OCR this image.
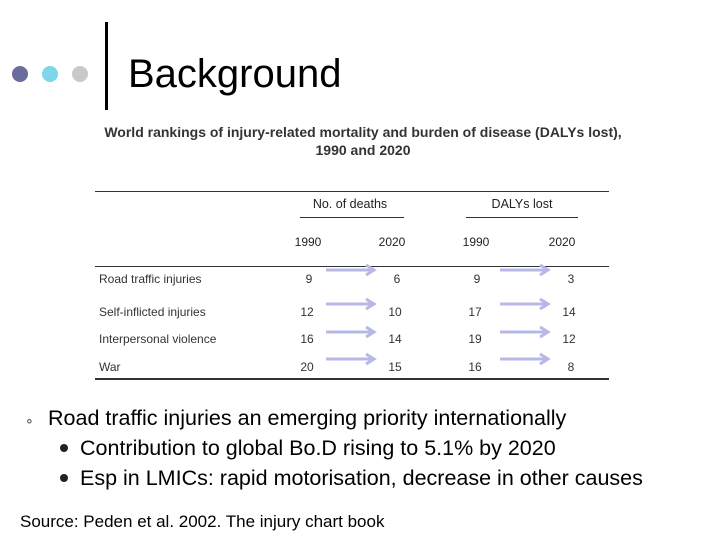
Background
World rankings of injury-related mortality and burden of disease (DALYs lost),
1990 and 2020
No. of deaths	DALYs lost
1990	2020	1990	2020
Road traffic injuries	9	6	9	3
Self-inflicted injuries	12	10	17	14
Interpersonal violence	16	14	19	12
War	20	15	16	8
⚬ Road traffic injuries an emerging priority internationally
Contribution to global Bo.D rising to 5.1% by 2020
Esp in LMICs: rapid motorisation, decrease in other causes
Source: Peden et al. 2002. The injury chart book
